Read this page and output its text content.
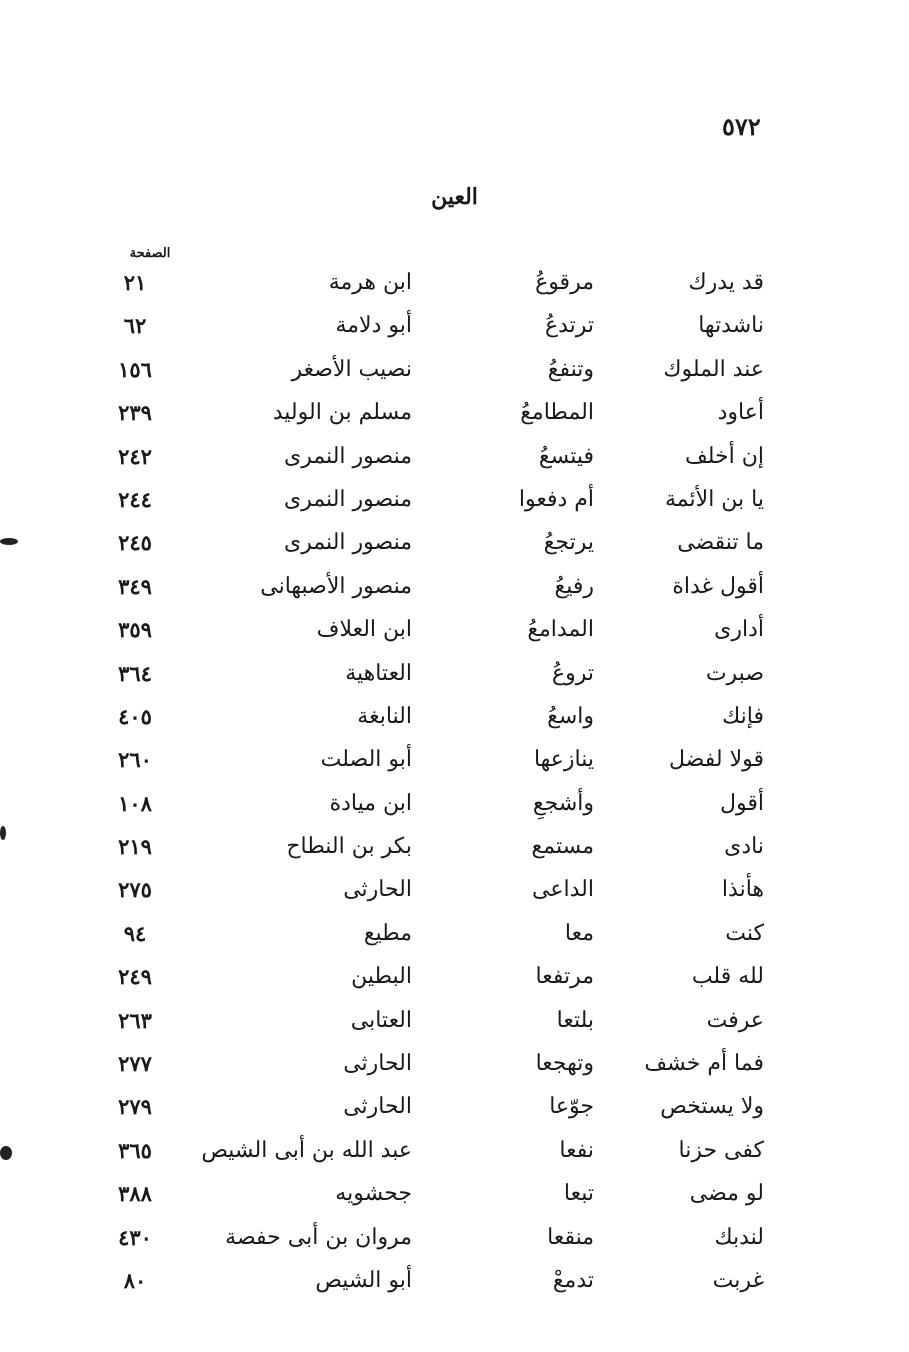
٥٧٢
العين
الصفحة
قد يدرك
مرقوعُ
ابن هرمة
٢١
ناشدتها
ترتدعُ
أبو دلامة
٦٢
عند الملوك
وتنفعُ
نصيب الأصغر
١٥٦
أعاود
المطامعُ
مسلم بن الوليد
٢٣٩
إن أخلف
فيتسعُ
منصور النمرى
٢٤٢
يا بن الأئمة
أم دفعوا
منصور النمرى
٢٤٤
ما تنقضى
يرتجعُ
منصور النمرى
٢٤٥
أقول غداة
رفيعُ
منصور الأصبهانى
٣٤٩
أدارى
المدامعُ
ابن العلاف
٣٥٩
صبرت
تروعُ
العتاهية
٣٦٤
فإنك
واسعُ
النابغة
٤٠٥
قولا لفضل
ينازعها
أبو الصلت
٢٦٠
أقول
وأشجعِ
ابن ميادة
١٠٨
نادى
مستمع
بكر بن النطاح
٢١٩
هأنذا
الداعى
الحارثى
٢٧٥
كنت
معا
مطيع
٩٤
لله قلب
مرتفعا
البطين
٢٤٩
عرفت
بلتعا
العتابى
٢٦٣
فما أم خشف
وتهجعا
الحارثى
٢٧٧
ولا يستخص
جوّعا
الحارثى
٢٧٩
كفى حزنا
نفعا
عبد الله بن أبى الشيص
٣٦٥
لو مضى
تبعا
جحشويه
٣٨٨
لندبك
منقعا
مروان بن أبى حفصة
٤٣٠
غربت
تدمعْ
أبو الشيص
٨٠
